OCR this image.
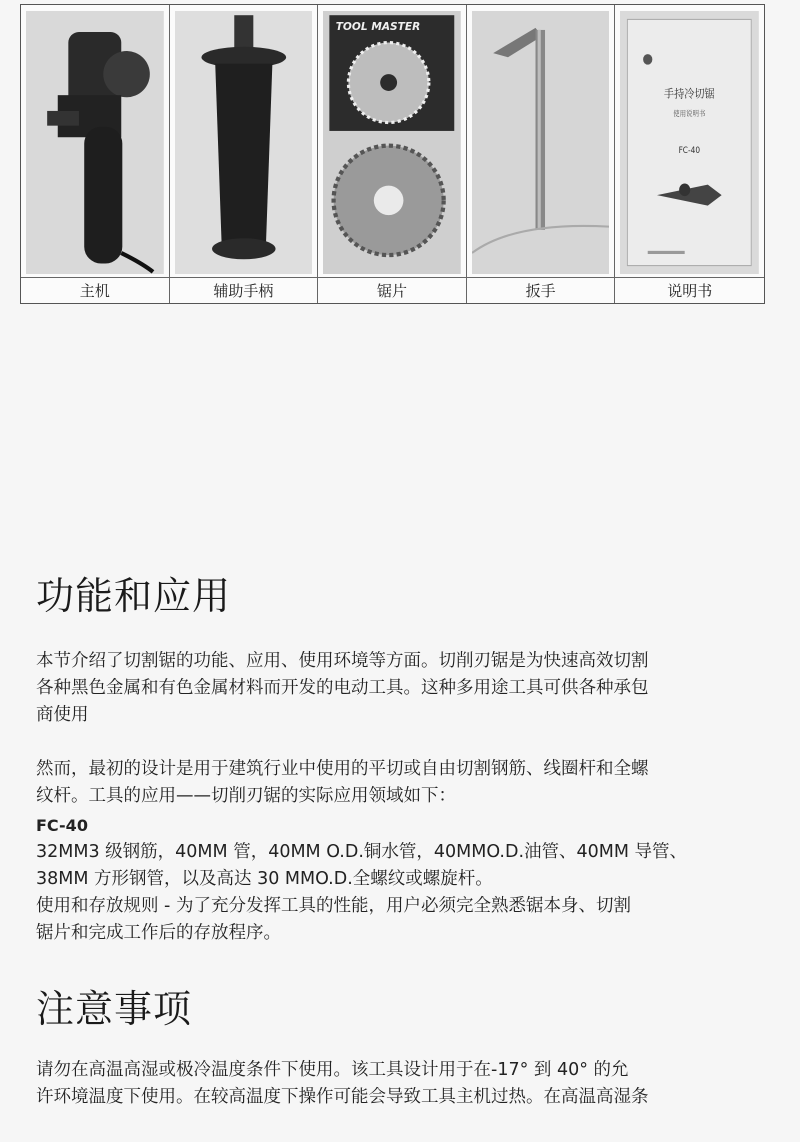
TOOL MASTER
手持冷切锯
使用说明书
FC-40
主机	辅助手柄	锯片	扳手	说明书
功能和应用

本节介绍了切割锯的功能、应用、使用环境等方面。切削刃锯是为快速高效切割
各种黑色金属和有色金属材料而开发的电动工具。这种多用途工具可供各种承包
商使用

然而，最初的设计是用于建筑行业中使用的平切或自由切割钢筋、线圈杆和全螺
纹杆。工具的应用——切削刃锯的实际应用领域如下：

FC-40
32MM3 级钢筋，40MM 管，40MM O.D.铜水管，40MMO.D.油管、40MM 导管、
38MM 方形钢管，以及高达 30 MMO.D.全螺纹或螺旋杆。
使用和存放规则 - 为了充分发挥工具的性能，用户必须完全熟悉锯本身、切割
锯片和完成工作后的存放程序。

注意事项

请勿在高温高湿或极冷温度条件下使用。该工具设计用于在-17° 到 40° 的允
许环境温度下使用。在较高温度下操作可能会导致工具主机过热。在高温高湿条
